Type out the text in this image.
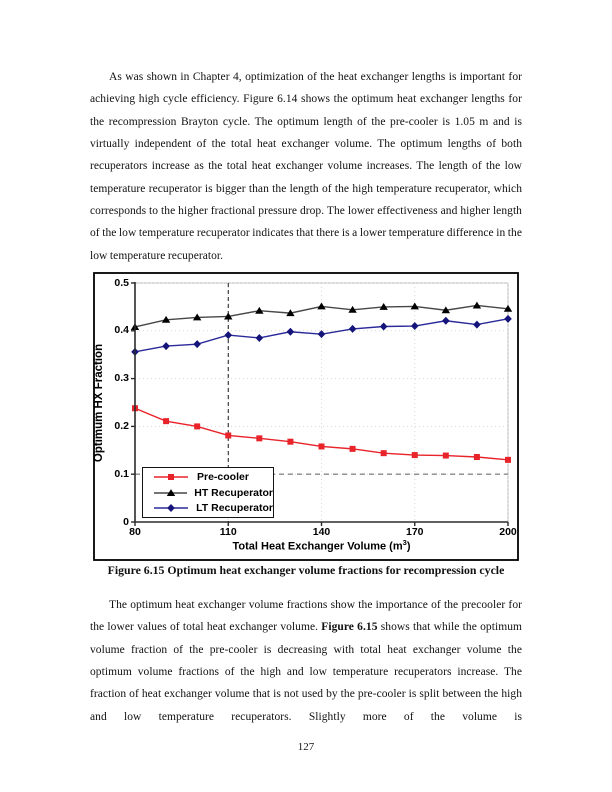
As was shown in Chapter 4, optimization of the heat exchanger lengths is important for achieving high cycle efficiency. Figure 6.14 shows the optimum heat exchanger lengths for the recompression Brayton cycle. The optimum length of the pre-cooler is 1.05 m and is virtually independent of the total heat exchanger volume. The optimum lengths of both recuperators increase as the total heat exchanger volume increases. The length of the low temperature recuperator is bigger than the length of the high temperature recuperator, which corresponds to the higher fractional pressure drop. The lower effectiveness and higher length of the low temperature recuperator indicates that there is a lower temperature difference in the low temperature recuperator.

Optimum HX Fraction
Total Heat Exchanger Volume $(m^3)$
Pre-cooler
HT Recuperator
LT Recuperator
80	110	140	170	200
0
0.1
0.2
0.3
0.4
0.5
Figure 6.15 Optimum heat exchanger volume fractions for recompression cycle

The optimum heat exchanger volume fractions show the importance of the precooler for the lower values of total heat exchanger volume. Figure 6.15 shows that while the optimum volume fraction of the pre-cooler is decreasing with total heat exchanger volume the optimum volume fractions of the high and low temperature recuperators increase. The fraction of heat exchanger volume that is not used by the pre-cooler is split between the high and low temperature recuperators. Slightly more of the volume is

127
